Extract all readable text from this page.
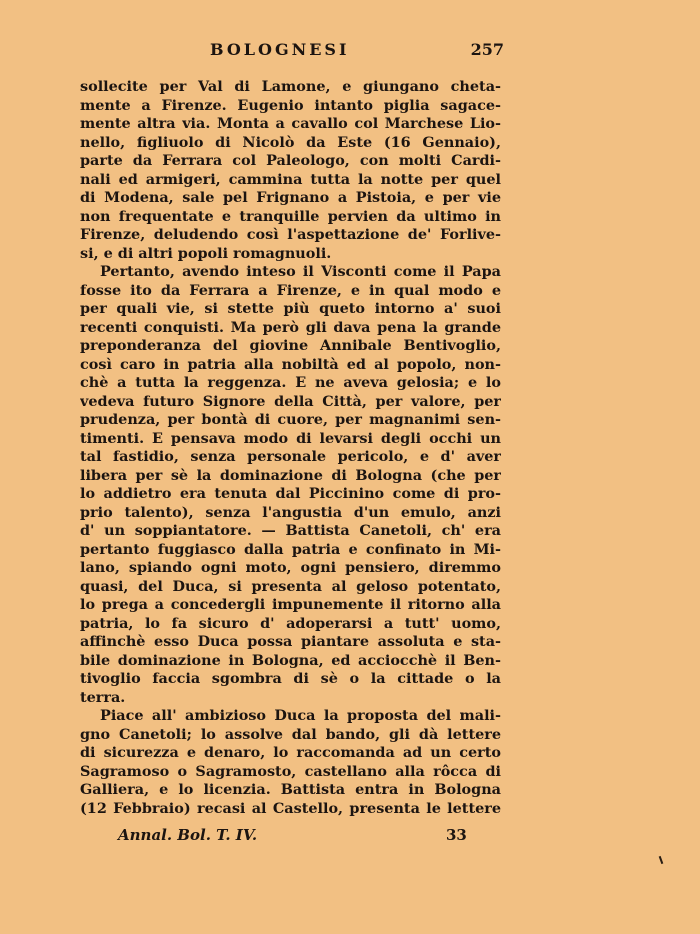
BOLOGNESI	257
sollecite per Val di Lamone, e giungano cheta-
mente a Firenze. Eugenio intanto piglia sagace-
mente altra via. Monta a cavallo col Marchese Lio-
nello, figliuolo di Nicolò da Este (16 Gennaio),
parte da Ferrara col Paleologo, con molti Cardi-
nali ed armigeri, cammina tutta la notte per quel
di Modena, sale pel Frignano a Pistoia, e per vie
non frequentate e tranquille pervien da ultimo in
Firenze, deludendo così l'aspettazione de' Forlive-
si, e di altri popoli romagnuoli.
Pertanto, avendo inteso il Visconti come il Papa
fosse ito da Ferrara a Firenze, e in qual modo e
per quali vie, si stette più queto intorno a' suoi
recenti conquisti. Ma però gli dava pena la grande
preponderanza del giovine Annibale Bentivoglio,
così caro in patria alla nobiltà ed al popolo, non-
chè a tutta la reggenza. E ne aveva gelosia; e lo
vedeva futuro Signore della Città, per valore, per
prudenza, per bontà di cuore, per magnanimi sen-
timenti. E pensava modo di levarsi degli occhi un
tal fastidio, senza personale pericolo, e d' aver
libera per sè la dominazione di Bologna (che per
lo addietro era tenuta dal Piccinino come di pro-
prio talento), senza l'angustia d'un emulo, anzi
d' un soppiantatore. — Battista Canetoli, ch' era
pertanto fuggiasco dalla patria e confinato in Mi-
lano, spiando ogni moto, ogni pensiero, diremmo
quasi, del Duca, si presenta al geloso potentato,
lo prega a concedergli impunemente il ritorno alla
patria, lo fa sicuro d' adoperarsi a tutt' uomo,
affinchè esso Duca possa piantare assoluta e sta-
bile dominazione in Bologna, ed acciocchè il Ben-
tivoglio faccia sgombra di sè o la cittade o la
terra.
Piace all' ambizioso Duca la proposta del mali-
gno Canetoli; lo assolve dal bando, gli dà lettere
di sicurezza e denaro, lo raccomanda ad un certo
Sagramoso o Sagramosto, castellano alla rôcca di
Galliera, e lo licenzia. Battista entra in Bologna
(12 Febbraio) recasi al Castello, presenta le lettere
Annal. Bol. T. IV.	33
